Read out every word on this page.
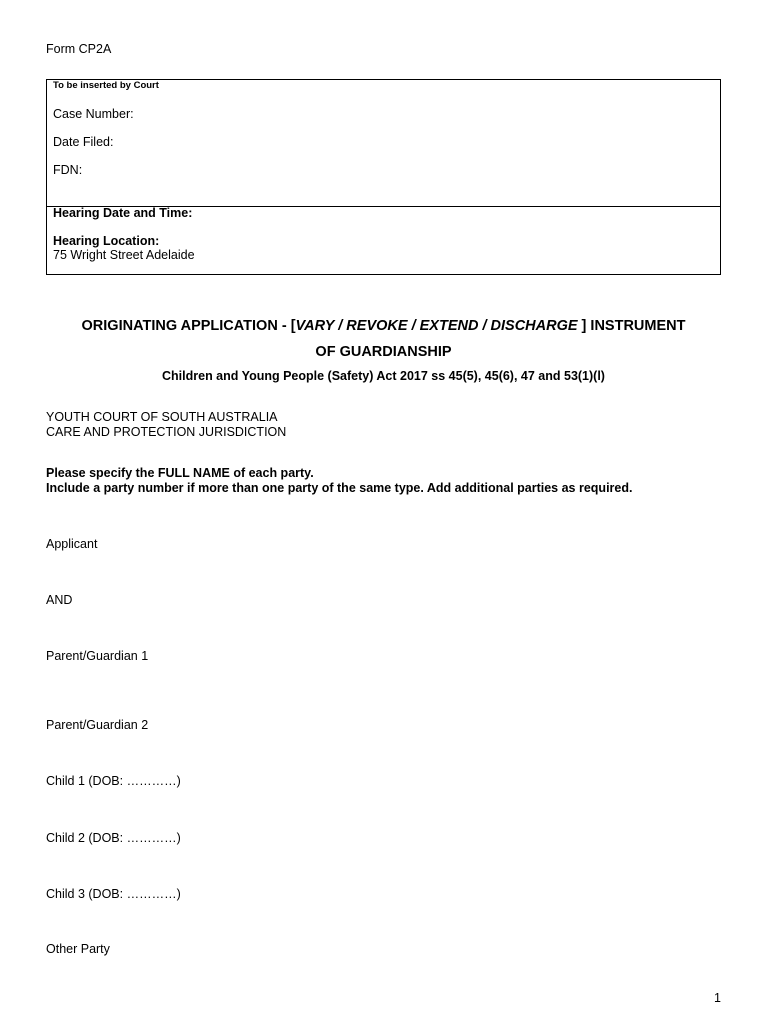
Form CP2A
To be inserted by Court
Case Number:
Date Filed:
FDN:
Hearing Date and Time:
Hearing Location:
75 Wright Street Adelaide
ORIGINATING APPLICATION - [VARY / REVOKE / EXTEND / DISCHARGE ] INSTRUMENT
OF GUARDIANSHIP
Children and Young People (Safety) Act 2017 ss 45(5), 45(6), 47 and 53(1)(l)
YOUTH COURT OF SOUTH AUSTRALIA
CARE AND PROTECTION JURISDICTION
Please specify the FULL NAME of each party.
Include a party number if more than one party of the same type. Add additional parties as required.
Applicant
AND
Parent/Guardian 1
Parent/Guardian 2
Child 1 (DOB: …………)
Child 2 (DOB: …………)
Child 3 (DOB: …………)
Other Party
1
